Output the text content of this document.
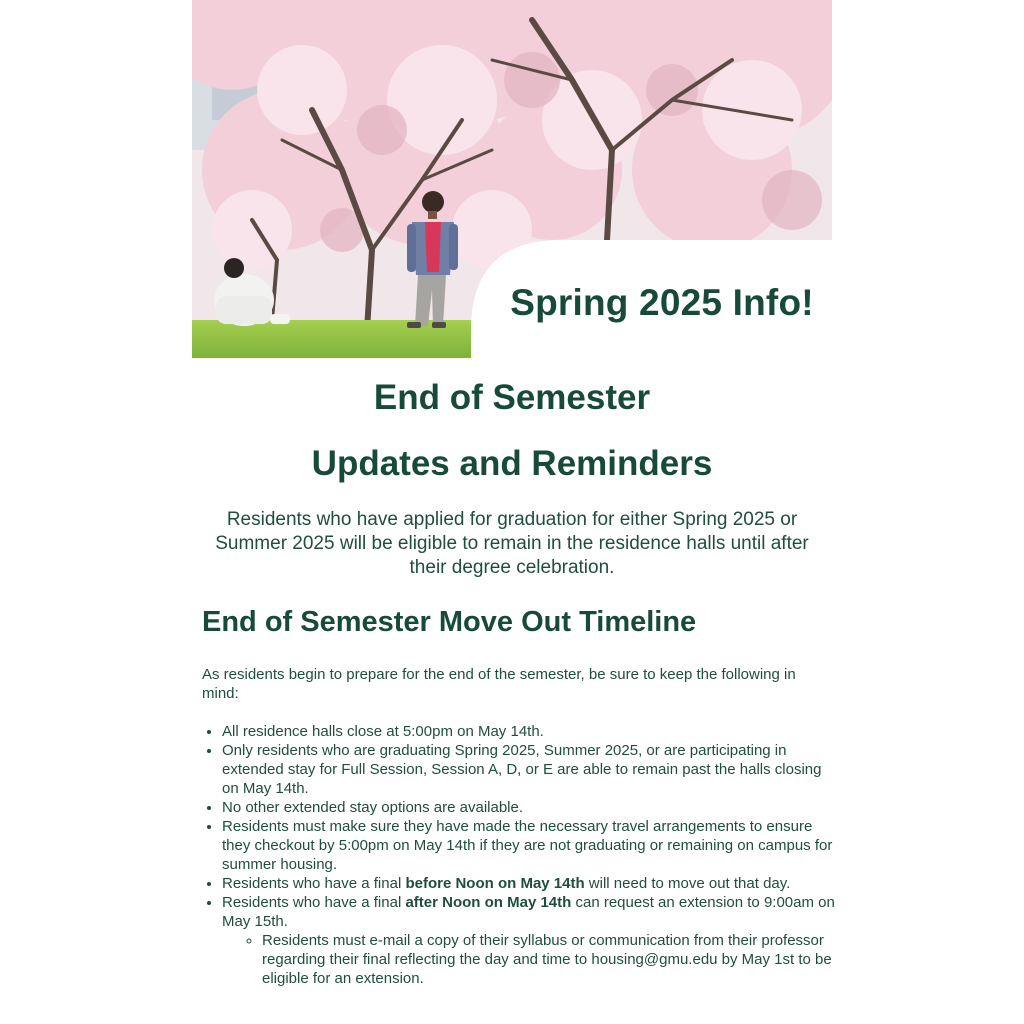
Spring 2025 Info!
End of Semester
Updates and Reminders

Residents who have applied for graduation for either Spring 2025 or Summer 2025 will be eligible to remain in the residence halls until after their degree celebration.

End of Semester Move Out Timeline

As residents begin to prepare for the end of the semester, be sure to keep the following in mind:

• All residence halls close at 5:00pm on May 14th.
• Only residents who are graduating Spring 2025, Summer 2025, or are participating in extended stay for Full Session, Session A, D, or E are able to remain past the halls closing on May 14th.
• No other extended stay options are available.
• Residents must make sure they have made the necessary travel arrangements to ensure they checkout by 5:00pm on May 14th if they are not graduating or remaining on campus for summer housing.
• Residents who have a final before Noon on May 14th will need to move out that day.
• Residents who have a final after Noon on May 14th can request an extension to 9:00am on May 15th.
◦ Residents must e-mail a copy of their syllabus or communication from their professor regarding their final reflecting the day and time to housing@gmu.edu by May 1st to be eligible for an extension.
